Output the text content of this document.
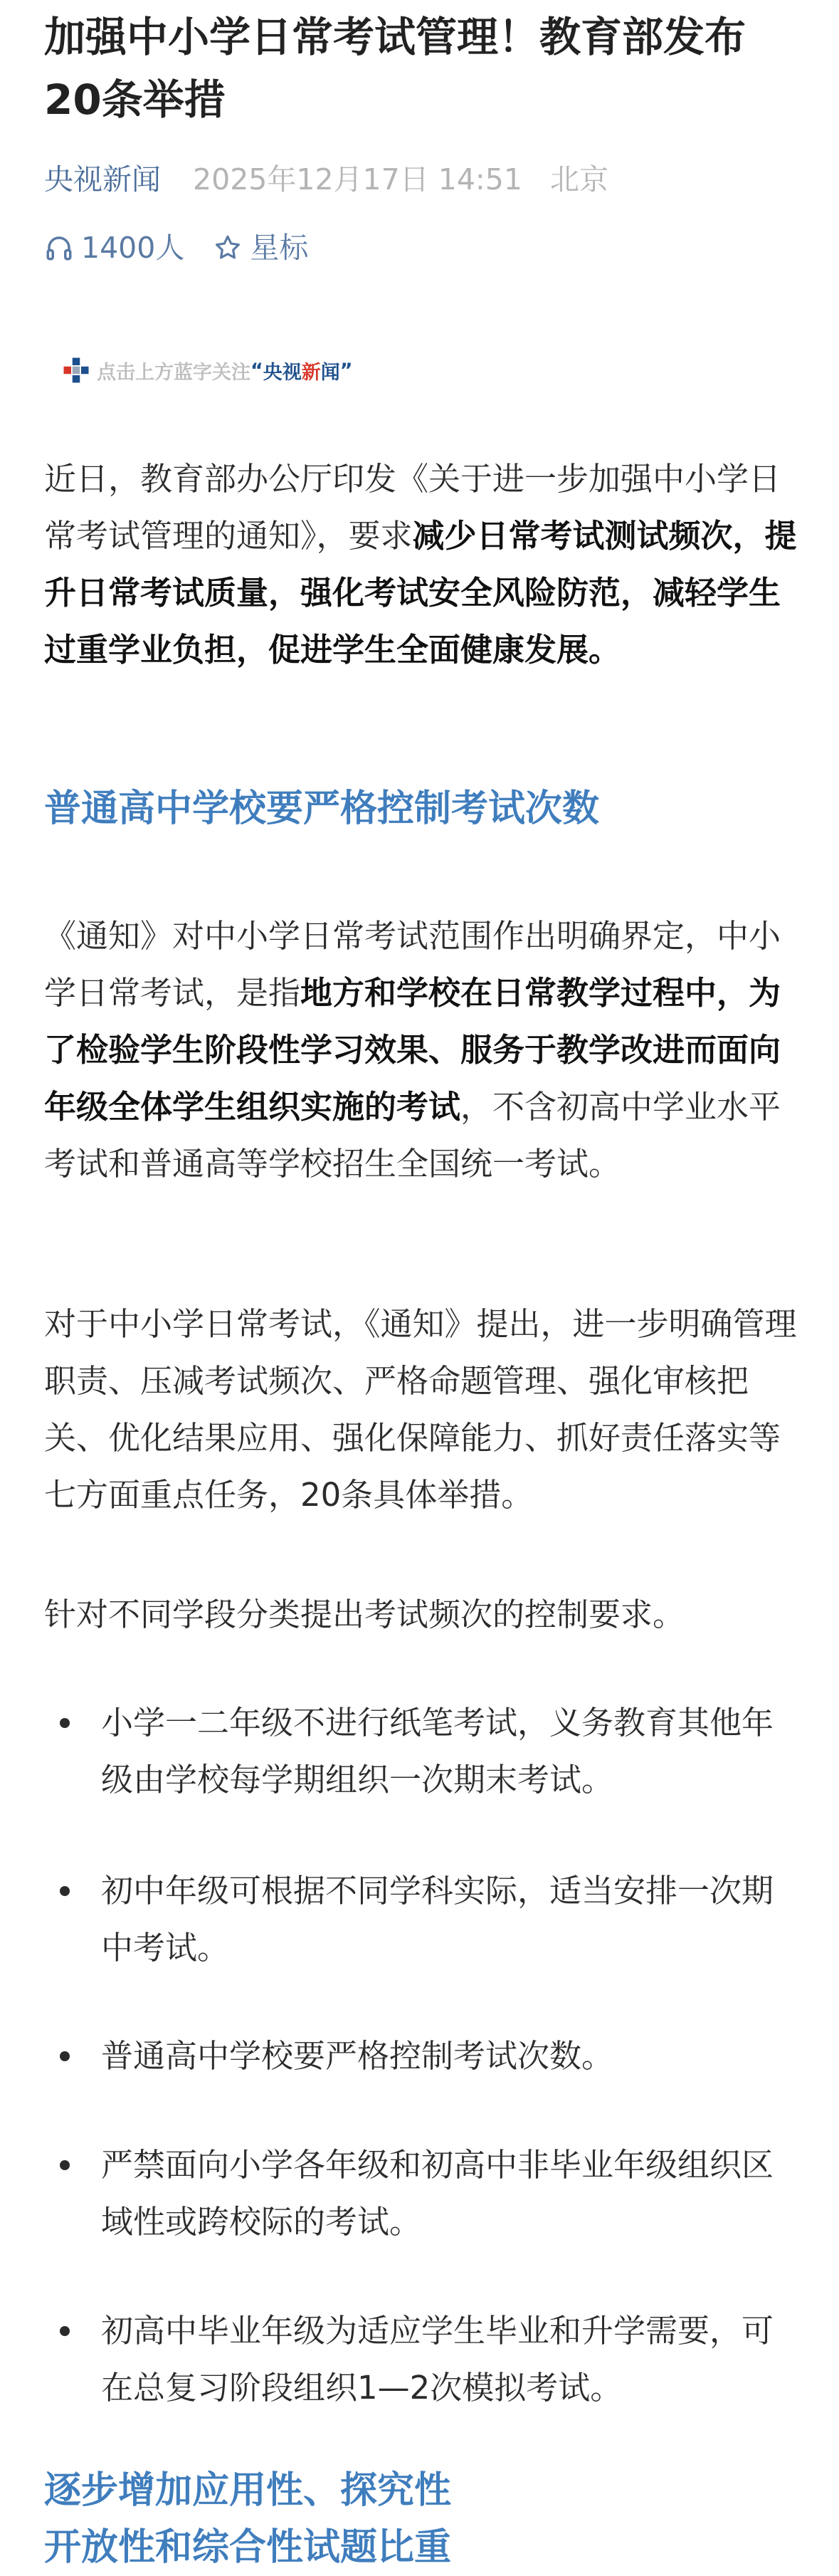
加强中小学日常考试管理！教育部发布20条举措
央视新闻 2025年12月17日 14:51 北京
1400人 星标
点击上方蓝字关注 “ 央视 新 闻 ”

近日，教育部办公厅印发《关于进一步加强中小学日常考试管理的通知》，要求减少日常考试测试频次，提升日常考试质量，强化考试安全风险防范，减轻学生过重学业负担，促进学生全面健康发展。

普通高中学校要严格控制考试次数

《通知》对中小学日常考试范围作出明确界定，中小学日常考试，是指地方和学校在日常教学过程中，为了检验学生阶段性学习效果、服务于教学改进而面向年级全体学生组织实施的考试，不含初高中学业水平考试和普通高等学校招生全国统一考试。

对于中小学日常考试，《通知》提出，进一步明确管理职责、压减考试频次、严格命题管理、强化审核把关、优化结果应用、强化保障能力、抓好责任落实等七方面重点任务，20条具体举措。

针对不同学段分类提出考试频次的控制要求。

小学一二年级不进行纸笔考试，义务教育其他年级由学校每学期组织一次期末考试。
初中年级可根据不同学科实际，适当安排一次期中考试。
普通高中学校要严格控制考试次数。
严禁面向小学各年级和初高中非毕业年级组织区域性或跨校际的考试。
初高中毕业年级为适应学生毕业和升学需要，可在总复习阶段组织1—2次模拟考试。
逐步增加应用性、探究性
开放性和综合性试题比重
